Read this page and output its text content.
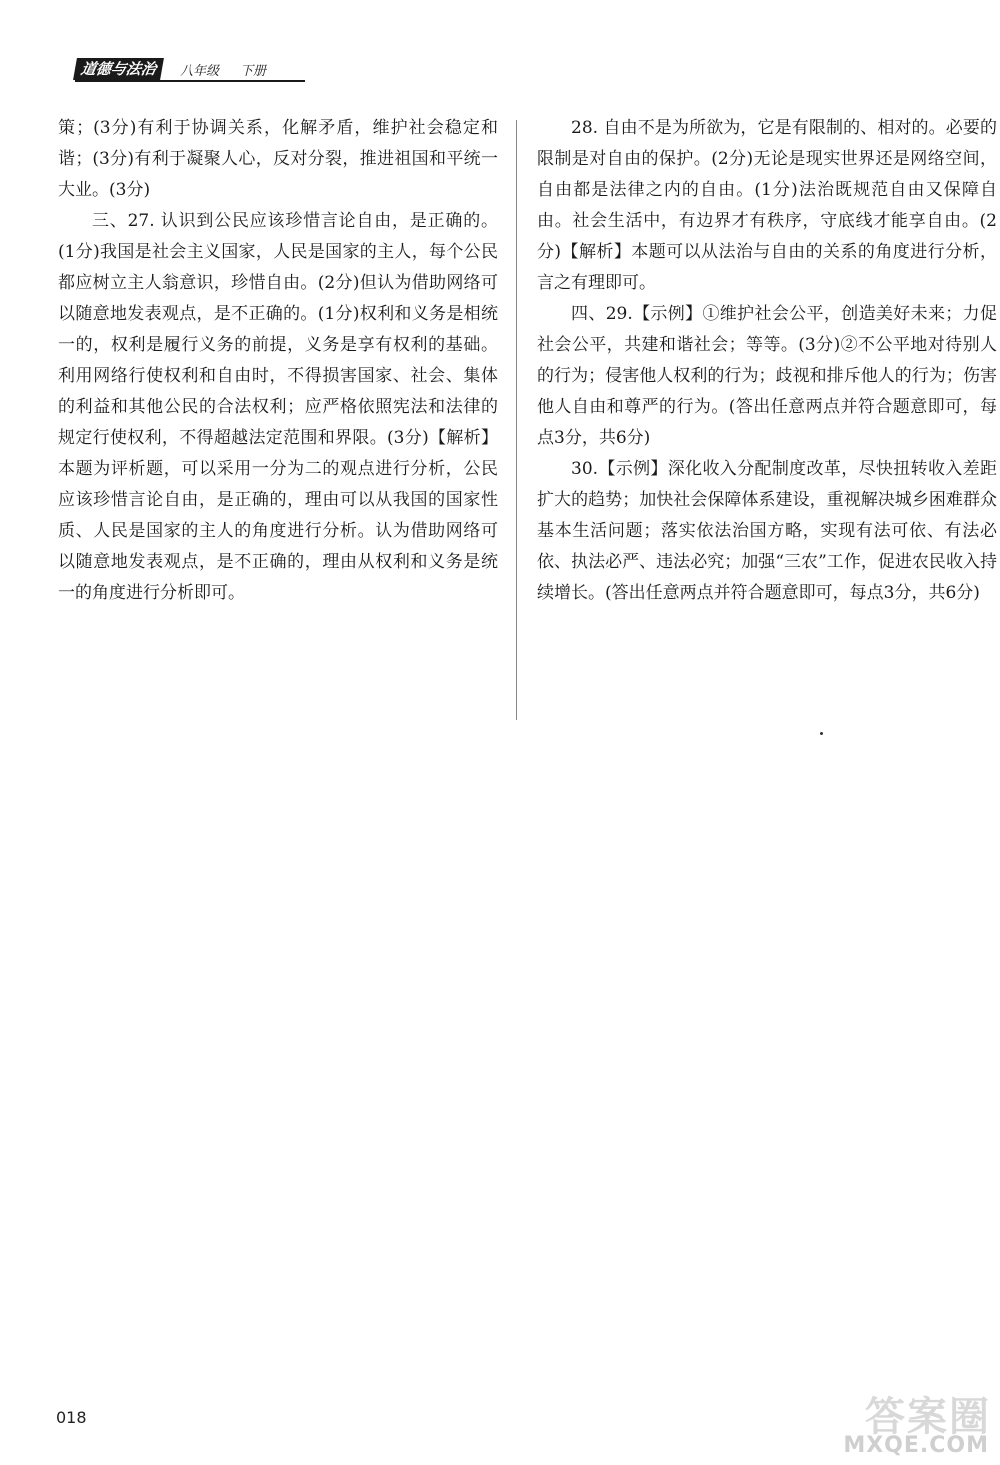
道德与法治	八年级 下册

策；(3分)有利于协调关系，化解矛盾，维护社会稳定和谐；(3分)有利于凝聚人心，反对分裂，推进祖国和平统一大业。(3分)

三、27. 认识到公民应该珍惜言论自由，是正确的。(1分)我国是社会主义国家，人民是国家的主人，每个公民都应树立主人翁意识，珍惜自由。(2分)但认为借助网络可以随意地发表观点，是不正确的。(1分)权利和义务是相统一的，权利是履行义务的前提，义务是享有权利的基础。利用网络行使权利和自由时，不得损害国家、社会、集体的利益和其他公民的合法权利；应严格依照宪法和法律的规定行使权利，不得超越法定范围和界限。(3分)【解析】本题为评析题，可以采用一分为二的观点进行分析，公民应该珍惜言论自由，是正确的，理由可以从我国的国家性质、人民是国家的主人的角度进行分析。认为借助网络可以随意地发表观点，是不正确的，理由从权利和义务是统一的角度进行分析即可。

28. 自由不是为所欲为，它是有限制的、相对的。必要的限制是对自由的保护。(2分)无论是现实世界还是网络空间，自由都是法律之内的自由。(1分)法治既规范自由又保障自由。社会生活中，有边界才有秩序，守底线才能享自由。(2分)【解析】本题可以从法治与自由的关系的角度进行分析，言之有理即可。

四、29.【示例】①维护社会公平，创造美好未来；力促社会公平，共建和谐社会；等等。(3分)②不公平地对待别人的行为；侵害他人权利的行为；歧视和排斥他人的行为；伤害他人自由和尊严的行为。(答出任意两点并符合题意即可，每点3分，共6分)

30.【示例】深化收入分配制度改革，尽快扭转收入差距扩大的趋势；加快社会保障体系建设，重视解决城乡困难群众基本生活问题；落实依法治国方略，实现有法可依、有法必依、执法必严、违法必究；加强“三农”工作，促进农民收入持续增长。(答出任意两点并符合题意即可，每点3分，共6分)

018	答案圈
MXQE.COM
